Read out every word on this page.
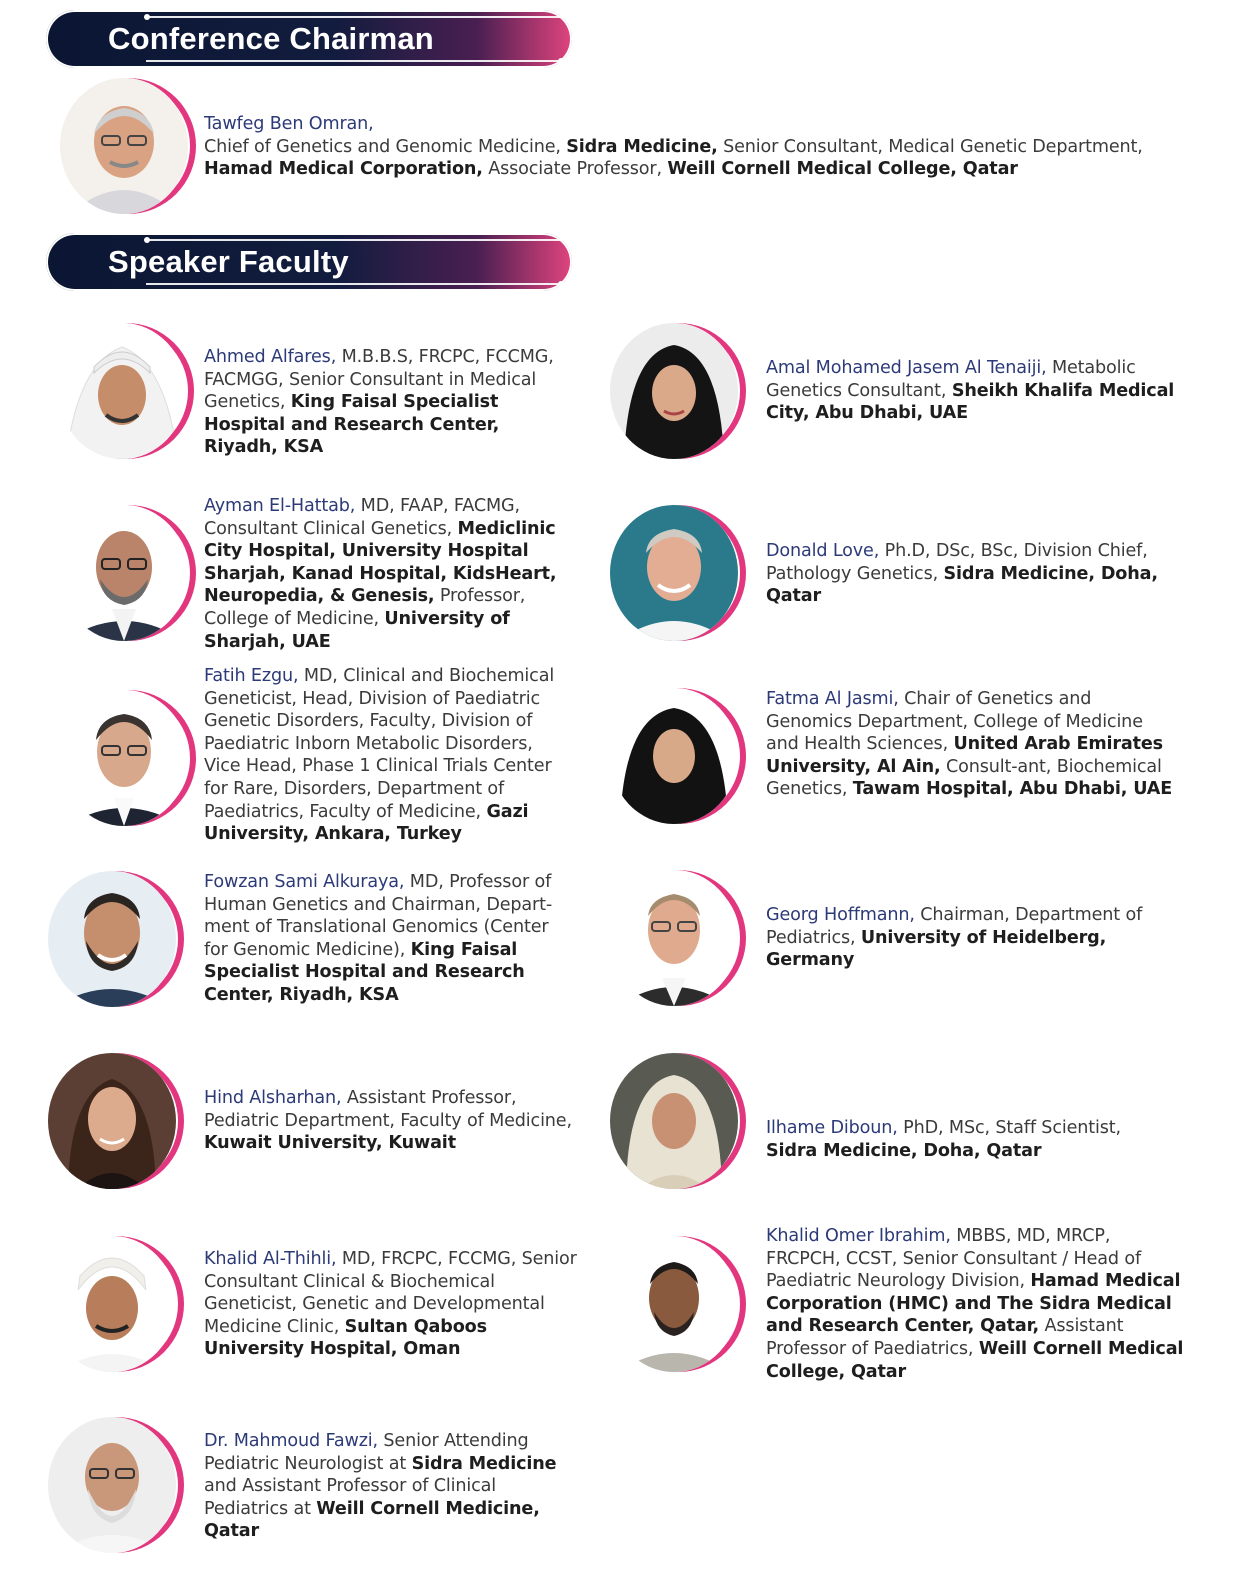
Conference Chairman
Speaker Faculty
Tawfeg Ben Omran,
Chief of Genetics and Genomic Medicine, Sidra Medicine, Senior Consultant, Medical Genetic Department,
Hamad Medical Corporation, Associate Professor, Weill Cornell Medical College, Qatar
Ahmed Alfares, M.B.B.S, FRCPC, FCCMG, FACMGG, Senior Consultant in Medical Genetics, King Faisal Specialist Hospital and Research Center, Riyadh, KSA
Ayman El-Hattab, MD, FAAP, FACMG, Consultant Clinical Genetics, Mediclinic City Hospital, University Hospital Sharjah, Kanad Hospital, KidsHeart, Neuropedia, & Genesis, Professor, College of Medicine, University of Sharjah, UAE
Fatih Ezgu, MD, Clinical and Biochemical Geneticist, Head, Division of Paediatric Genetic Disorders, Faculty, Division of Paediatric Inborn Metabolic Disorders, Vice Head, Phase 1 Clinical Trials Center for Rare, Disorders, Department of Paediatrics, Faculty of Medicine, Gazi University, Ankara, Turkey
Fowzan Sami Alkuraya, MD, Professor of Human Genetics and Chairman, Depart-ment of Translational Genomics (Center for Genomic Medicine), King Faisal Specialist Hospital and Research Center, Riyadh, KSA
Hind Alsharhan, Assistant Professor, Pediatric Department, Faculty of Medicine, Kuwait University, Kuwait
Khalid Al-Thihli, MD, FRCPC, FCCMG, Senior Consultant Clinical & Biochemical Geneticist, Genetic and Developmental Medicine Clinic, Sultan Qaboos University Hospital, Oman
Dr. Mahmoud Fawzi, Senior Attending Pediatric Neurologist at Sidra Medicine and Assistant Professor of Clinical Pediatrics at Weill Cornell Medicine, Qatar
Amal Mohamed Jasem Al Tenaiji, Metabolic Genetics Consultant, Sheikh Khalifa Medical City, Abu Dhabi, UAE
Donald Love, Ph.D, DSc, BSc, Division Chief, Pathology Genetics, Sidra Medicine, Doha, Qatar
Fatma Al Jasmi, Chair of Genetics and Genomics Department, College of Medicine and Health Sciences, United Arab Emirates University, Al Ain, Consult-ant, Biochemical Genetics, Tawam Hospital, Abu Dhabi, UAE
Georg Hoffmann, Chairman, Department of Pediatrics, University of Heidelberg, Germany
Ilhame Diboun, PhD, MSc, Staff Scientist, Sidra Medicine, Doha, Qatar
Khalid Omer Ibrahim, MBBS, MD, MRCP, FRCPCH, CCST, Senior Consultant / Head of Paediatric Neurology Division, Hamad Medical Corporation (HMC) and The Sidra Medical and Research Center, Qatar, Assistant Professor of Paediatrics, Weill Cornell Medical College, Qatar
